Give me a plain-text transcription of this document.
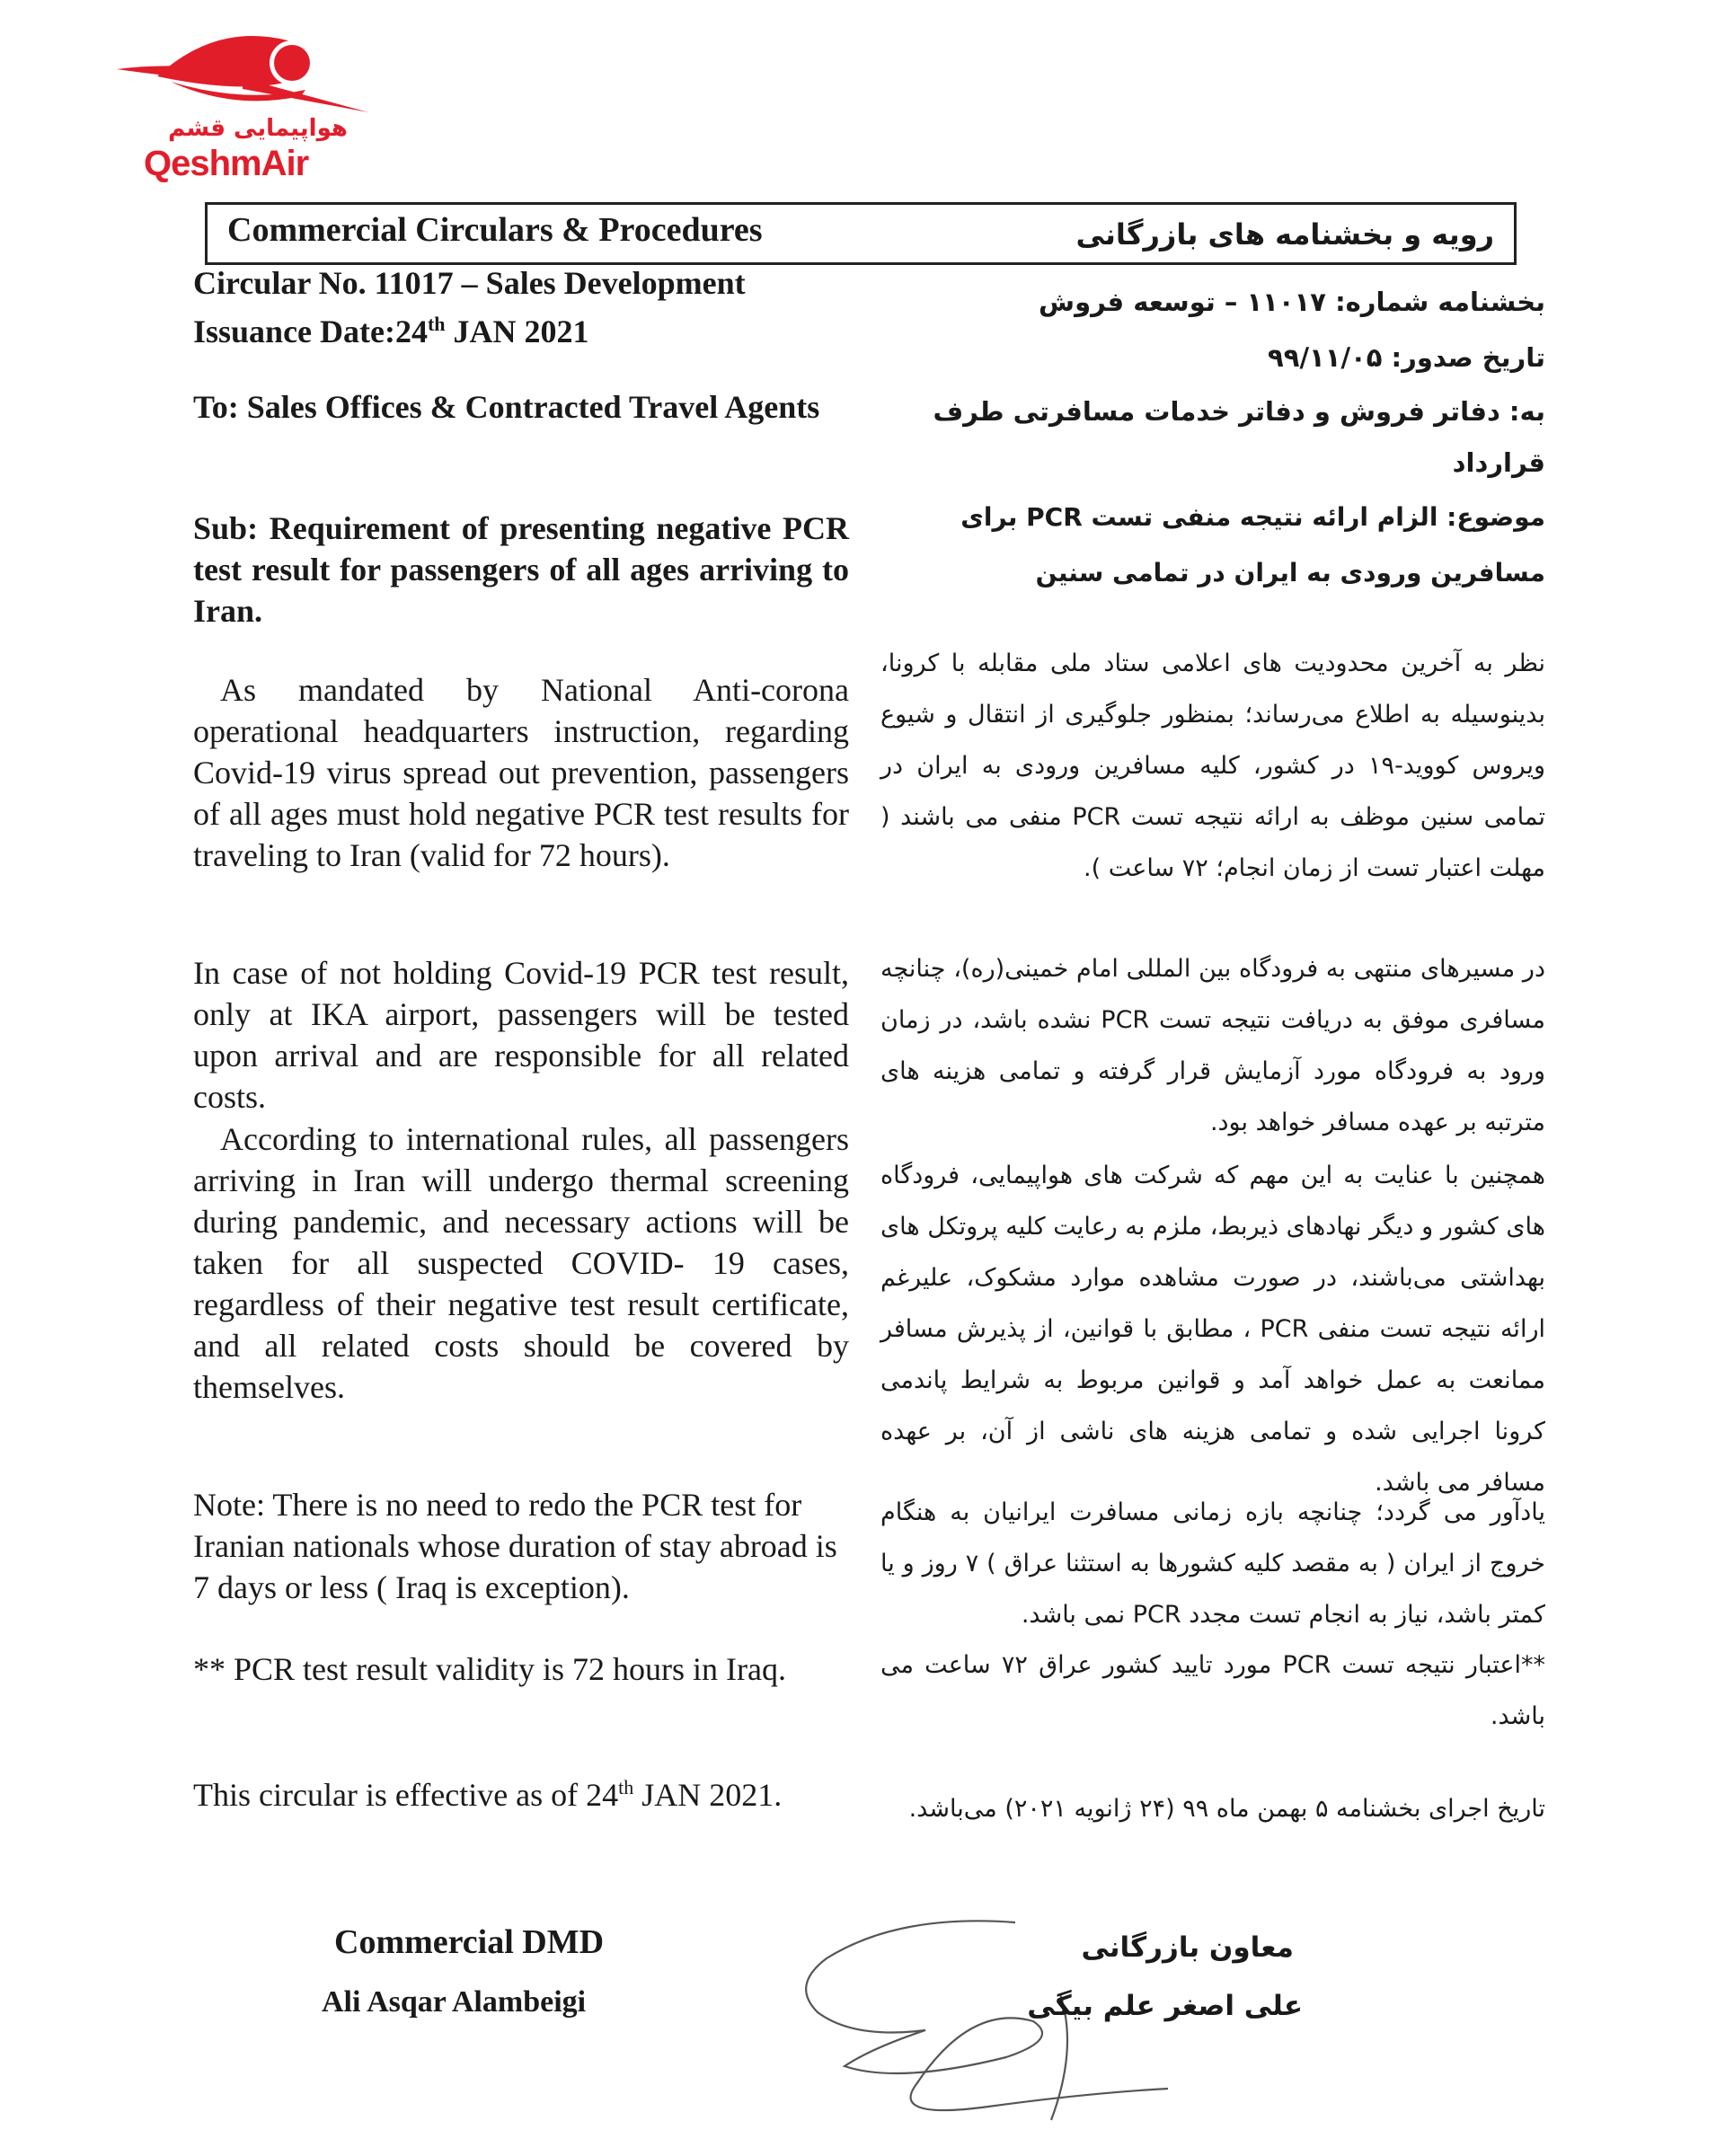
هواپیمایی قشم
QeshmAir
Commercial Circulars & Procedures	رویه و بخشنامه های بازرگانی
Circular No. 11017 – Sales Development
Issuance Date:24th JAN 2021

To: Sales Offices & Contracted Travel Agents

Sub: Requirement of presenting negative PCR test result for passengers of all ages arriving to Iran.

As mandated by National Anti-corona operational headquarters instruction, regarding Covid-19 virus spread out prevention, passengers of all ages must hold negative PCR test results for traveling to Iran (valid for 72 hours).

In case of not holding Covid-19 PCR test result, only at IKA airport, passengers will be tested upon arrival and are responsible for all related costs.

According to international rules, all passengers arriving in Iran will undergo thermal screening during pandemic, and necessary actions will be taken for all suspected COVID- 19 cases, regardless of their negative test result certificate, and all related costs should be covered by themselves.

Note: There is no need to redo the PCR test for Iranian nationals whose duration of stay abroad is 7 days or less ( Iraq is exception).

** PCR test result validity is 72 hours in Iraq.

This circular is effective as of 24th JAN 2021.

بخشنامه شماره: ۱۱۰۱۷ – توسعه فروش
تاریخ صدور: ۹۹/۱۱/۰۵

به: دفاتر فروش و دفاتر خدمات مسافرتی طرف قرارداد

موضوع: الزام ارائه نتیجه منفی تست PCR برای مسافرین ورودی به ایران در تمامی سنین

نظر به آخرین محدودیت های اعلامی ستاد ملی مقابله با کرونا، بدینوسیله به اطلاع می‌رساند؛ بمنظور جلوگیری از انتقال و شیوع ویروس کووید-۱۹ در کشور، کلیه مسافرین ورودی به ایران در تمامی سنین موظف به ارائه نتیجه تست PCR منفی می باشند ( مهلت اعتبار تست از زمان انجام؛ ۷۲ ساعت ).

در مسیرهای منتهی به فرودگاه بین المللی امام خمینی(ره)، چنانچه مسافری موفق به دریافت نتیجه تست PCR نشده باشد، در زمان ورود به فرودگاه مورد آزمایش قرار گرفته و تمامی هزینه های مترتبه بر عهده مسافر خواهد بود.

همچنین با عنایت به این مهم که شرکت های هواپیمایی، فرودگاه های کشور و دیگر نهادهای ذیربط، ملزم به رعایت کلیه پروتکل های بهداشتی می‌باشند، در صورت مشاهده موارد مشکوک، علیرغم ارائه نتیجه تست منفی PCR ، مطابق با قوانین، از پذیرش مسافر ممانعت به عمل خواهد آمد و قوانین مربوط به شرایط پاندمی کرونا اجرایی شده و تمامی هزینه های ناشی از آن، بر عهده مسافر می باشد.

یادآور می گردد؛ چنانچه بازه زمانی مسافرت ایرانیان به هنگام خروج از ایران ( به مقصد کلیه کشورها به استثنا عراق ) ۷ روز و یا کمتر باشد، نیاز به انجام تست مجدد PCR نمی باشد.

**اعتبار نتیجه تست PCR مورد تایید کشور عراق ۷۲ ساعت می باشد.

تاریخ اجرای بخشنامه ۵ بهمن ماه ۹۹ (۲۴ ژانویه ۲۰۲۱) می‌باشد.

Commercial DMD
Ali Asqar Alambeigi
معاون بازرگانی
علی اصغر علم بیگی
